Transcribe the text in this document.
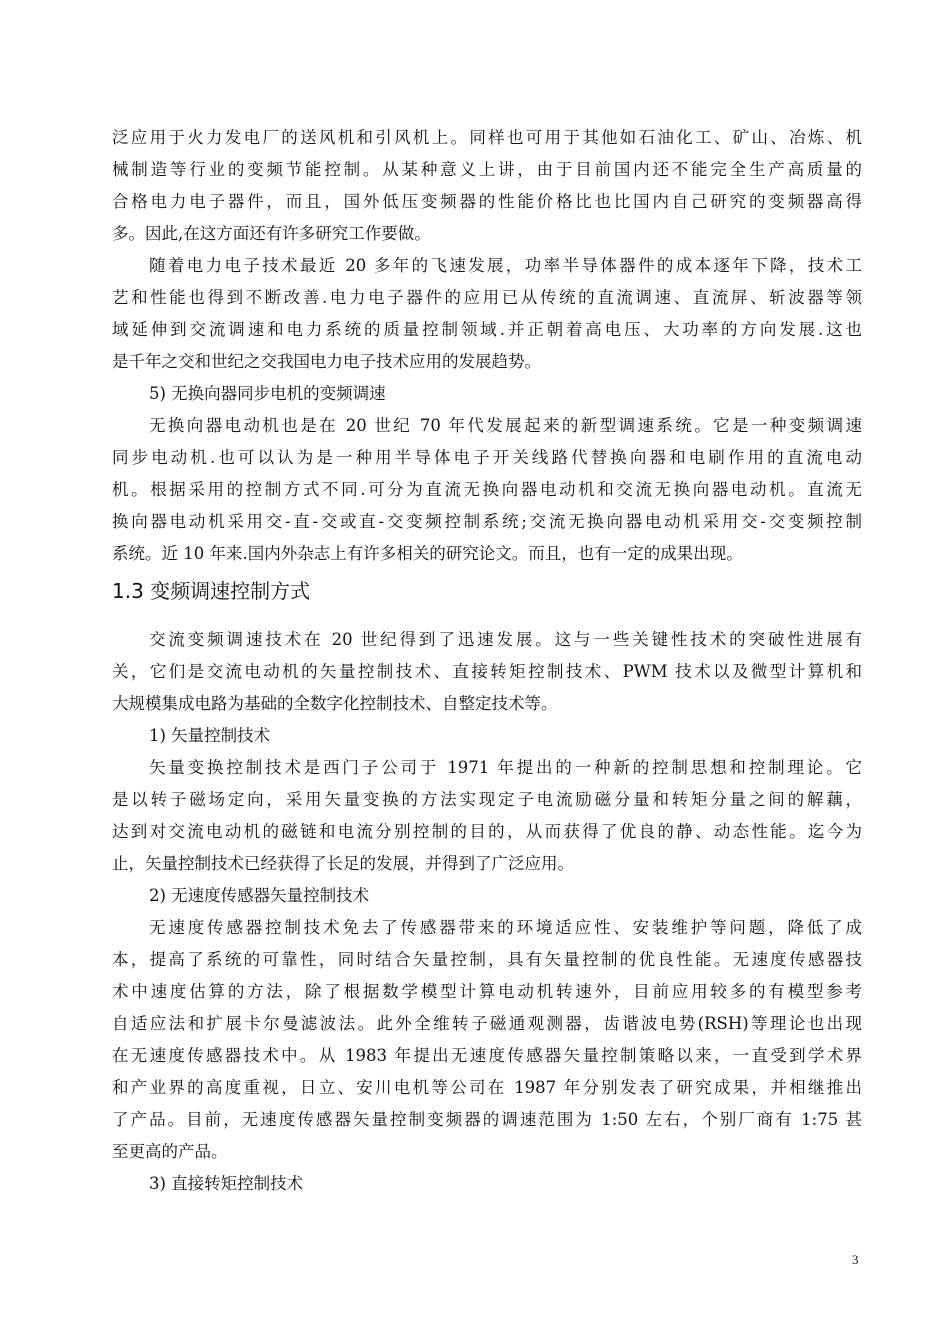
泛应用于火力发电厂的送风机和引风机上。同样也可用于其他如石油化工、矿山、冶炼、机
械制造等行业的变频节能控制。从某种意义上讲，由于目前国内还不能完全生产高质量的
合格电力电子器件，而且，国外低压变频器的性能价格比也比国内自己研究的变频器高得
多。因此,在这方面还有许多研究工作要做。
随着电力电子技术最近 20 多年的飞速发展，功率半导体器件的成本逐年下降，技术工
艺和性能也得到不断改善.电力电子器件的应用已从传统的直流调速、直流屏、斩波器等领
域延伸到交流调速和电力系统的质量控制领域.并正朝着高电压、大功率的方向发展.这也
是千年之交和世纪之交我国电力电子技术应用的发展趋势。
5) 无换向器同步电机的变频调速
无换向器电动机也是在 20 世纪 70 年代发展起来的新型调速系统。它是一种变频调速
同步电动机.也可以认为是一种用半导体电子开关线路代替换向器和电刷作用的直流电动
机。根据采用的控制方式不同.可分为直流无换向器电动机和交流无换向器电动机。直流无
换向器电动机采用交-直-交或直-交变频控制系统;交流无换向器电动机采用交-交变频控制
系统。近 10 年来.国内外杂志上有许多相关的研究论文。而且，也有一定的成果出现。
1.3 变频调速控制方式
交流变频调速技术在 20 世纪得到了迅速发展。这与一些关键性技术的突破性进展有
关，它们是交流电动机的矢量控制技术、直接转矩控制技术、PWM 技术以及微型计算机和
大规模集成电路为基础的全数字化控制技术、自整定技术等。
1) 矢量控制技术
矢量变换控制技术是西门子公司于 1971 年提出的一种新的控制思想和控制理论。它
是以转子磁场定向，采用矢量变换的方法实现定子电流励磁分量和转矩分量之间的解藕，
达到对交流电动机的磁链和电流分别控制的目的，从而获得了优良的静、动态性能。迄今为
止，矢量控制技术已经获得了长足的发展，并得到了广泛应用。
2) 无速度传感器矢量控制技术
无速度传感器控制技术免去了传感器带来的环境适应性、安装维护等问题，降低了成
本，提高了系统的可靠性，同时结合矢量控制，具有矢量控制的优良性能。无速度传感器技
术中速度估算的方法，除了根据数学模型计算电动机转速外，目前应用较多的有模型参考
自适应法和扩展卡尔曼滤波法。此外全维转子磁通观测器，齿谐波电势(RSH)等理论也出现
在无速度传感器技术中。从 1983 年提出无速度传感器矢量控制策略以来，一直受到学术界
和产业界的高度重视，日立、安川电机等公司在 1987 年分别发表了研究成果，并相继推出
了产品。目前，无速度传感器矢量控制变频器的调速范围为 1:50 左右，个别厂商有 1:75 甚
至更高的产品。
3) 直接转矩控制技术
3
